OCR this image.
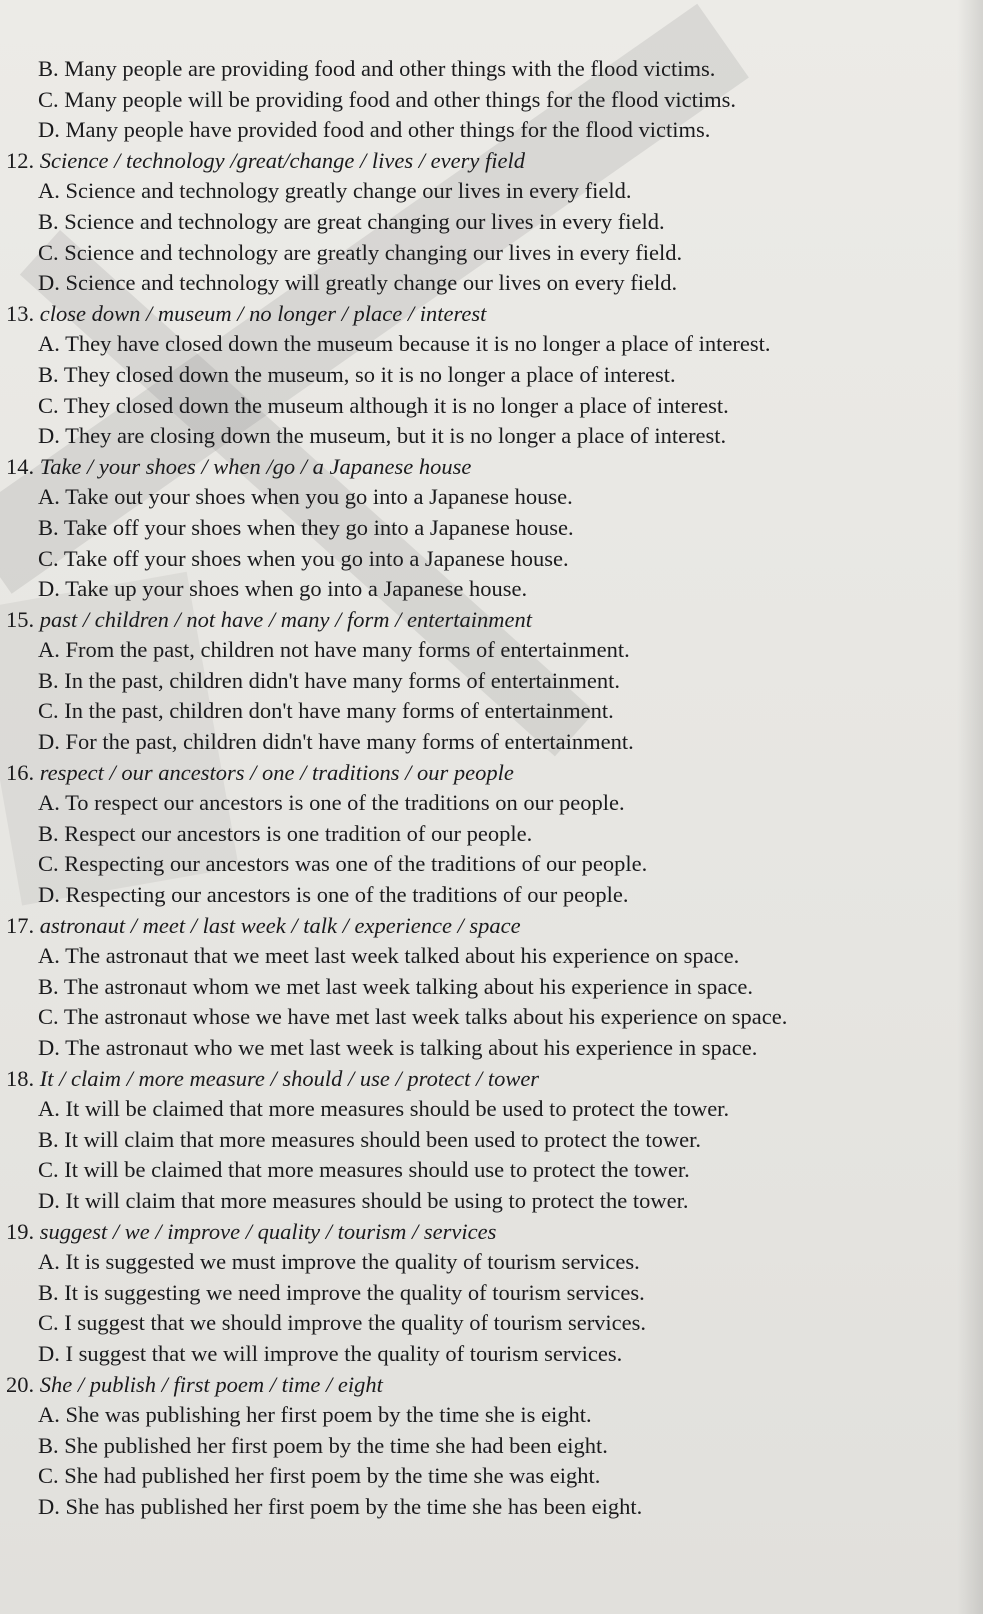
B. Many people are providing food and other things with the flood victims.
C. Many people will be providing food and other things for the flood victims.
D. Many people have provided food and other things for the flood victims.
12. Science / technology /great/change / lives / every field
A. Science and technology greatly change our lives in every field.
B. Science and technology are great changing our lives in every field.
C. Science and technology are greatly changing our lives in every field.
D. Science and technology will greatly change our lives on every field.
13. close down / museum / no longer / place / interest
A. They have closed down the museum because it is no longer a place of interest.
B. They closed down the museum, so it is no longer a place of interest.
C. They closed down the museum although it is no longer a place of interest.
D. They are closing down the museum, but it is no longer a place of interest.
14. Take / your shoes / when /go / a Japanese house
A. Take out your shoes when you go into a Japanese house.
B. Take off your shoes when they go into a Japanese house.
C. Take off your shoes when you go into a Japanese house.
D. Take up your shoes when go into a Japanese house.
15. past / children / not have / many / form / entertainment
A. From the past, children not have many forms of entertainment.
B. In the past, children didn't have many forms of entertainment.
C. In the past, children don't have many forms of entertainment.
D. For the past, children didn't have many forms of entertainment.
16. respect / our ancestors / one / traditions / our people
A. To respect our ancestors is one of the traditions on our people.
B. Respect our ancestors is one tradition of our people.
C. Respecting our ancestors was one of the traditions of our people.
D. Respecting our ancestors is one of the traditions of our people.
17. astronaut / meet / last week / talk / experience / space
A. The astronaut that we meet last week talked about his experience on space.
B. The astronaut whom we met last week talking about his experience in space.
C. The astronaut whose we have met last week talks about his experience on space.
D. The astronaut who we met last week is talking about his experience in space.
18. It / claim / more measure / should / use / protect / tower
A. It will be claimed that more measures should be used to protect the tower.
B. It will claim that more measures should been used to protect the tower.
C. It will be claimed that more measures should use to protect the tower.
D. It will claim that more measures should be using to protect the tower.
19. suggest / we / improve / quality / tourism / services
A. It is suggested we must improve the quality of tourism services.
B. It is suggesting we need improve the quality of tourism services.
C. I suggest that we should improve the quality of tourism services.
D. I suggest that we will improve the quality of tourism services.
20. She / publish / first poem / time / eight
A. She was publishing her first poem by the time she is eight.
B. She published her first poem by the time she had been eight.
C. She had published her first poem by the time she was eight.
D. She has published her first poem by the time she has been eight.
